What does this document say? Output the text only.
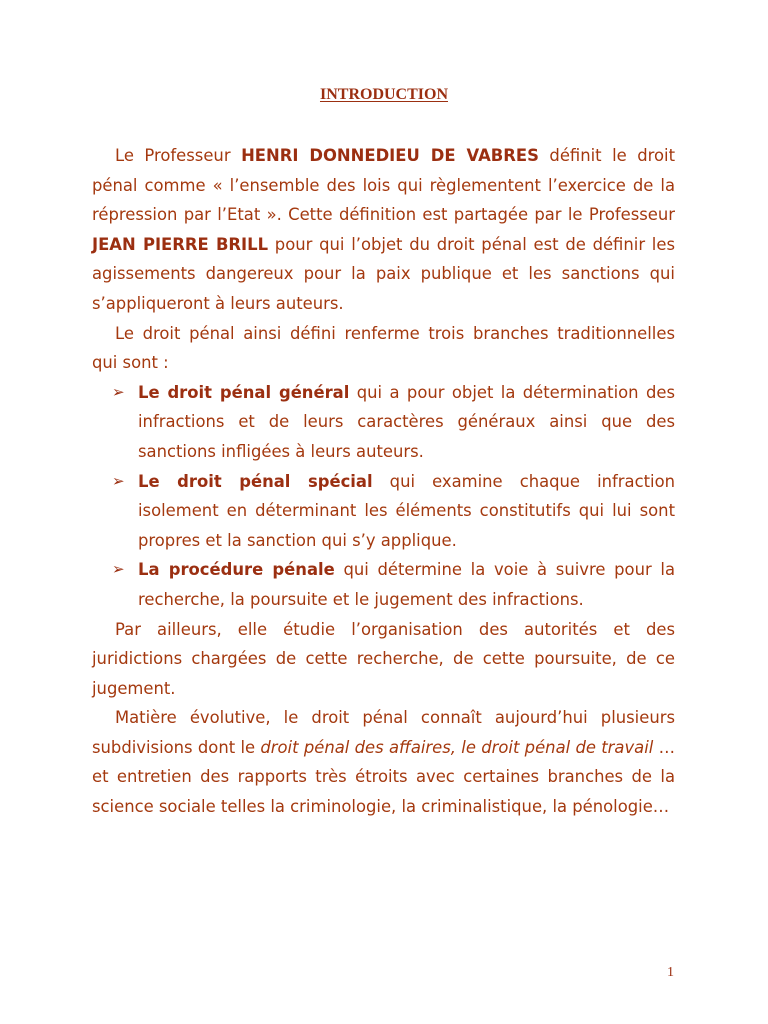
INTRODUCTION

Le Professeur HENRI DONNEDIEU DE VABRES définit le droit pénal comme « l’ensemble des lois qui règlementent l’exercice de la répression par l’Etat ». Cette définition est partagée par le Professeur JEAN PIERRE BRILL pour qui l’objet du droit pénal est de définir les agissements dangereux pour la paix publique et les sanctions qui s’appliqueront à leurs auteurs.

Le droit pénal ainsi défini renferme trois branches traditionnelles qui sont :

➢ Le droit pénal général qui a pour objet la détermination des infractions et de leurs caractères généraux ainsi que des sanctions infligées à leurs auteurs.
➢ Le droit pénal spécial qui examine chaque infraction isolement en déterminant les éléments constitutifs qui lui sont propres et la sanction qui s’y applique.
➢ La procédure pénale qui détermine la voie à suivre pour la recherche, la poursuite et le jugement des infractions.

Par ailleurs, elle étudie l’organisation des autorités et des juridictions chargées de cette recherche, de cette poursuite, de ce jugement.

Matière évolutive, le droit pénal connaît aujourd’hui plusieurs subdivisions dont le droit pénal des affaires, le droit pénal de travail … et entretien des rapports très étroits avec certaines branches de la science sociale telles la criminologie, la criminalistique, la pénologie…

1
